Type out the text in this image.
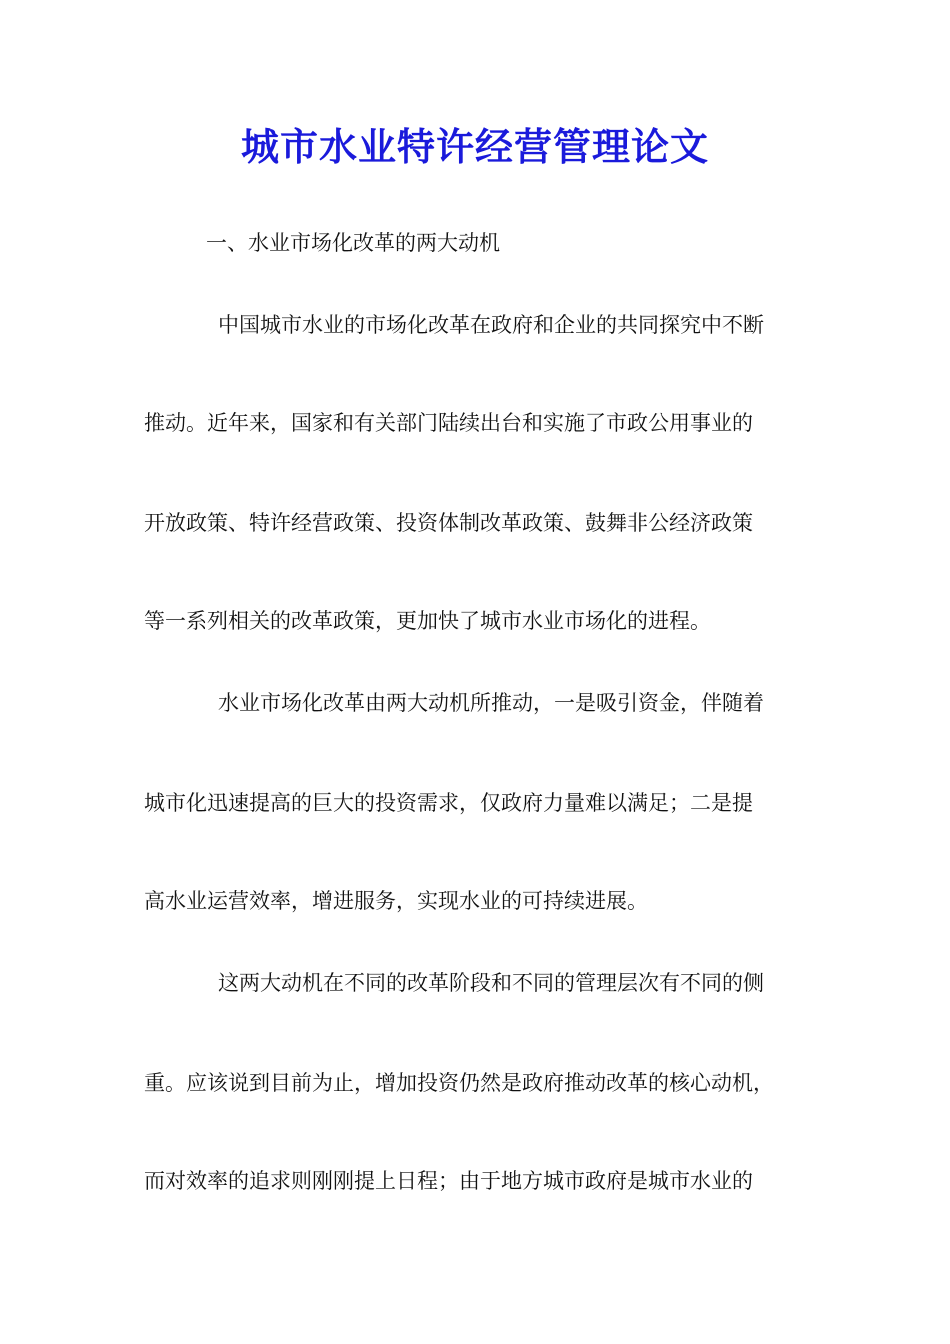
城市水业特许经营管理论文
一、水业市场化改革的两大动机
中国城市水业的市场化改革在政府和企业的共同探究中不断
推动。近年来，国家和有关部门陆续出台和实施了市政公用事业的
开放政策、特许经营政策、投资体制改革政策、鼓舞非公经济政策
等一系列相关的改革政策，更加快了城市水业市场化的进程。
水业市场化改革由两大动机所推动，一是吸引资金，伴随着
城市化迅速提高的巨大的投资需求，仅政府力量难以满足；二是提
高水业运营效率，增进服务，实现水业的可持续进展。
这两大动机在不同的改革阶段和不同的管理层次有不同的侧
重。应该说到目前为止，增加投资仍然是政府推动改革的核心动机，
而对效率的追求则刚刚提上日程；由于地方城市政府是城市水业的
